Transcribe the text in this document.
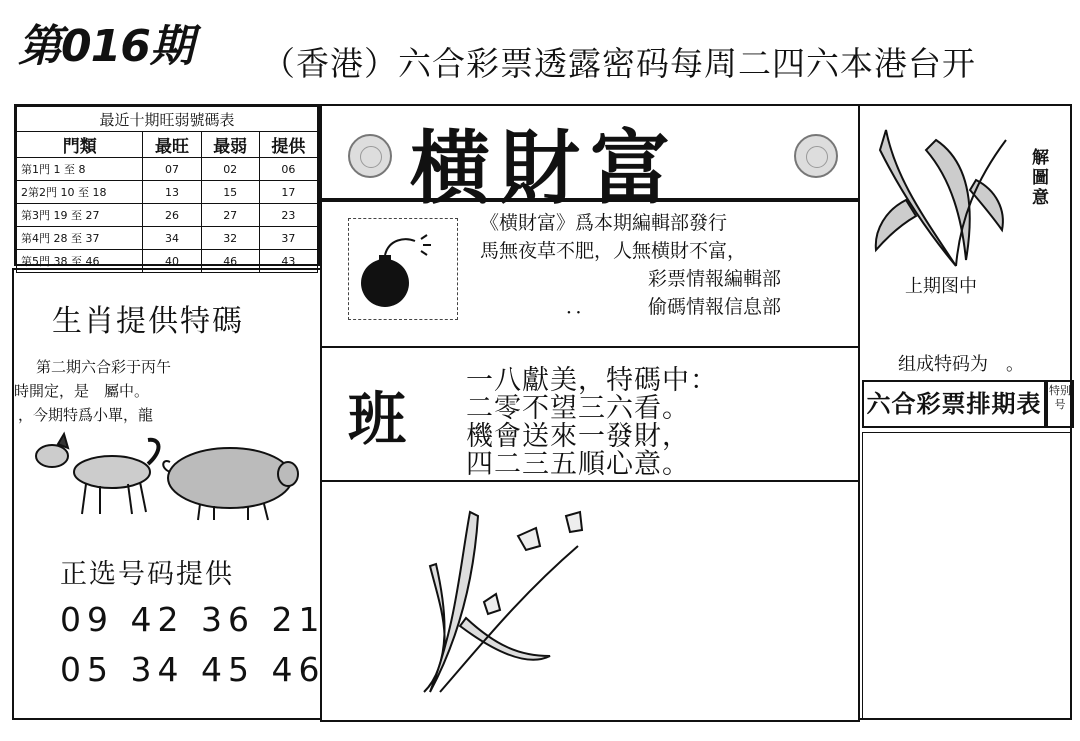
第016期 （香港）六合彩票透露密码每周二四六本港台开
最近十期旺弱號碼表			
門類	最旺	最弱	提供
第1門 1 至 8	07	02	06
2第2門 10 至 18	13	15	17
第3門 19 至 27	26	27	23
第4門 28 至 37	34	32	37
第5門 38 至 46	40	46	43
生肖提供特碼
第二期六合彩于丙午
時開定，是　屬中。
，今期特爲小單，龍
正选号码提供
09 42 36 21
05 34 45 46
横財富
《横財富》爲本期編輯部發行
馬無夜草不肥，人無横財不富，
彩票情報編輯部
．．	偷碼情報信息部
班
一八獻美，特碼中：
二零不望三六看。
機會送來一發財，
四二三五順心意。
解圖意
上期图中
组成特码为　。
六合彩票排期表 特别号
